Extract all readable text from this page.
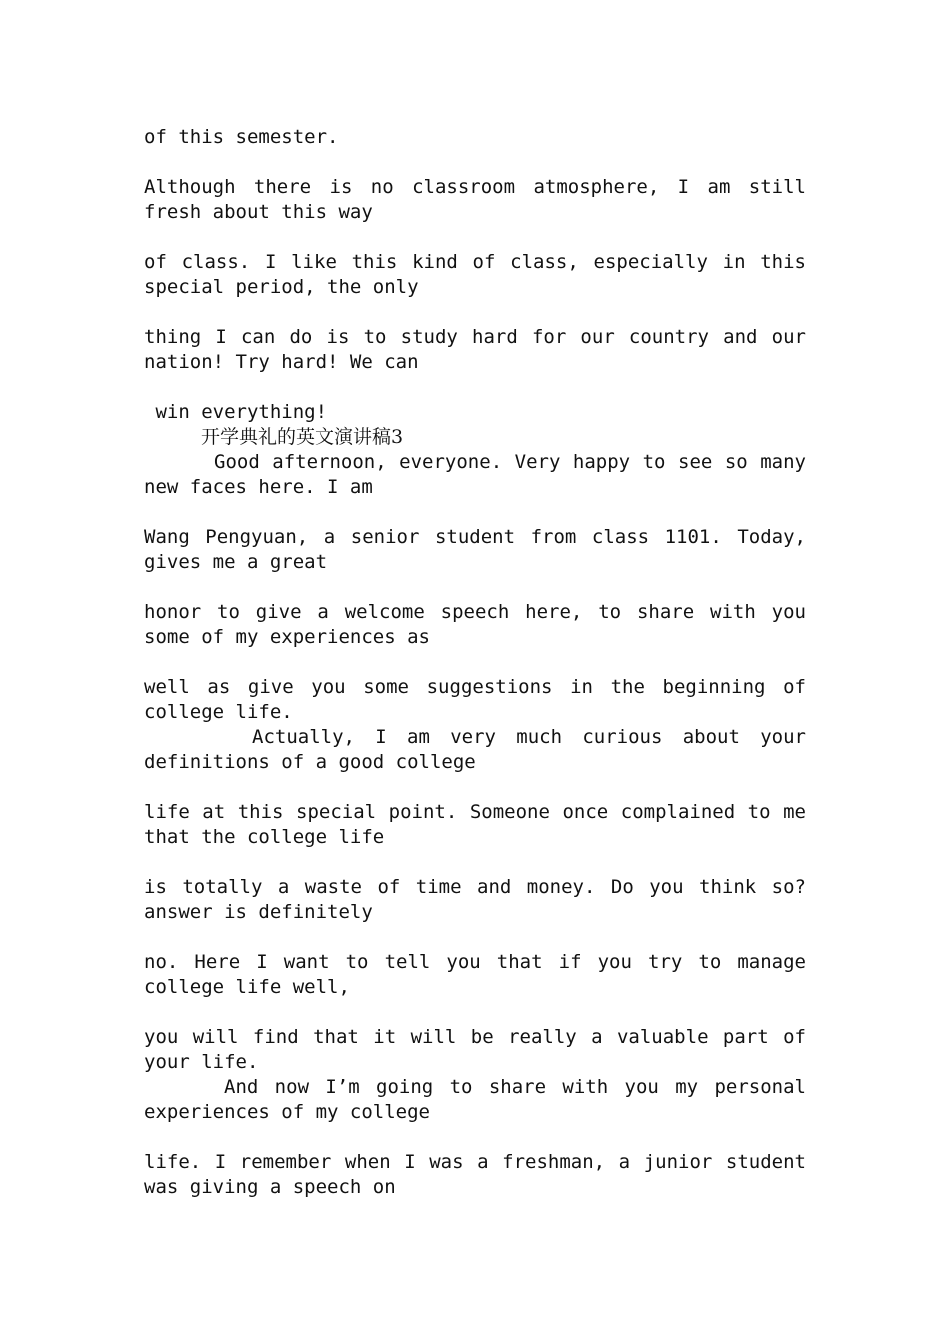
of this semester.
Although there is no classroom atmosphere, I am still
fresh about this way
of class. I like this kind of class, especially in this
special period, the only
thing I can do is to study hard for our country and our
nation! Try hard! We can
win everything!
开学典礼的英文演讲稿3
Good afternoon, everyone. Very happy to see so many
new faces here. I am
Wang Pengyuan, a senior student from class 1101. Today,
gives me a great
honor to give a welcome speech here, to share with you
some of my experiences as
well as give you some suggestions in the beginning of
college life.
Actually, I am very much curious about your
definitions of a good college
life at this special point. Someone once complained to me
that the college life
is totally a waste of time and money. Do you think so?
answer is definitely
no. Here I want to tell you that if you try to manage
college life well,
you will find that it will be really a valuable part of
your life.
And now I’m going to share with you my personal
experiences of my college
life. I remember when I was a freshman, a junior student
was giving a speech on
